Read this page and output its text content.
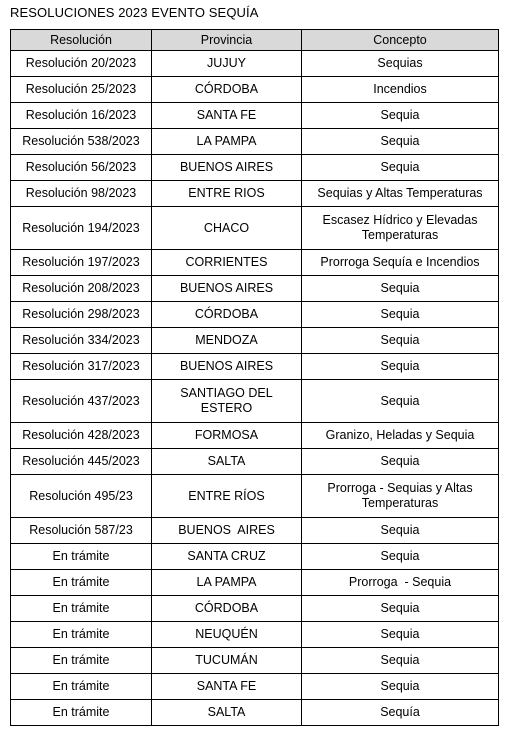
RESOLUCIONES 2023 EVENTO SEQUÍA
Resolución	Provincia	Concepto
Resolución 20/2023	JUJUY	Sequias
Resolución 25/2023	CÓRDOBA	Incendios
Resolución 16/2023	SANTA FE	Sequia
Resolución 538/2023	LA PAMPA	Sequia
Resolución 56/2023	BUENOS AIRES	Sequia
Resolución 98/2023	ENTRE RIOS	Sequias y Altas Temperaturas
Resolución 194/2023	CHACO	Escasez Hídrico y Elevadas Temperaturas
Resolución 197/2023	CORRIENTES	Prorroga Sequía e Incendios
Resolución 208/2023	BUENOS AIRES	Sequia
Resolución 298/2023	CÓRDOBA	Sequia
Resolución 334/2023	MENDOZA	Sequia
Resolución 317/2023	BUENOS AIRES	Sequia
Resolución 437/2023	SANTIAGO DEL ESTERO	Sequia
Resolución 428/2023	FORMOSA	Granizo, Heladas y Sequia
Resolución 445/2023	SALTA	Sequia
Resolución 495/23	ENTRE RÍOS	Prorroga - Sequias y Altas Temperaturas
Resolución 587/23	BUENOS  AIRES	Sequia
En trámite	SANTA CRUZ	Sequia
En trámite	LA PAMPA	Prorroga  - Sequia
En trámite	CÓRDOBA	Sequia
En trámite	NEUQUÉN	Sequia
En trámite	TUCUMÁN	Sequia
En trámite	SANTA FE	Sequia
En trámite	SALTA	Sequía
